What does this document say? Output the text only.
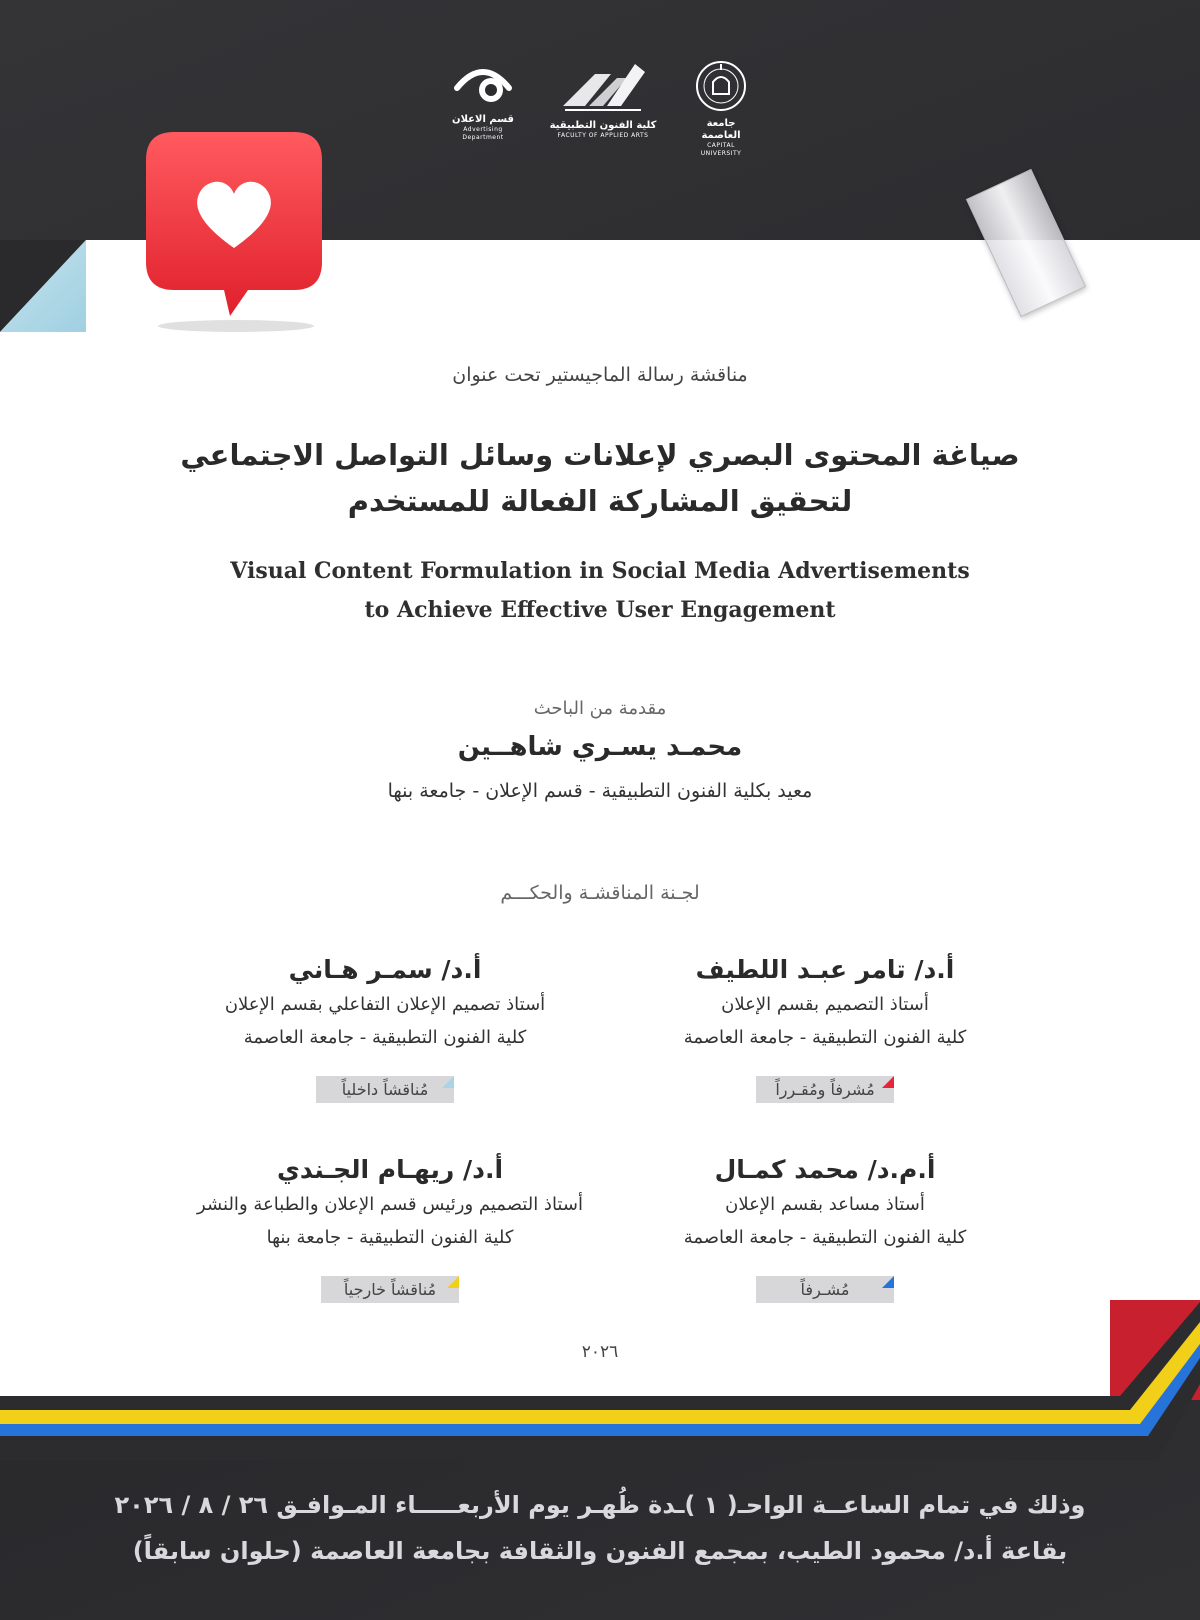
جامعة العاصمة
CAPITAL UNIVERSITY
كلية الفنون التطبيقية
FACULTY OF APPLIED ARTS
قسم الاعلان
Advertising Department
مناقشة رسالة الماجيستير تحت عنوان
صياغة المحتوى البصري لإعلانات وسائل التواصل الاجتماعي
لتحقيق المشاركة الفعالة للمستخدم
Visual Content Formulation in Social Media Advertisements
to Achieve Effective User Engagement
مقدمة من الباحث
محمـد يسـري شاهــين
معيد بكلية الفنون التطبيقية - قسم الإعلان - جامعة بنها
لجـنة المناقشـة والحكـــم
أ.د/ تامر عبـد اللطيف
أستاذ التصميم بقسم الإعلان
كلية الفنون التطبيقية - جامعة العاصمة
مُشرفاً ومُقـرراً
أ.د/ سمـر هـاني
أستاذ تصميم الإعلان التفاعلي بقسم الإعلان
كلية الفنون التطبيقية - جامعة العاصمة
مُناقشاً داخلياً
أ.م.د/ محمد كمـال
أستاذ مساعد بقسم الإعلان
كلية الفنون التطبيقية - جامعة العاصمة
مُشـرفاً
أ.د/ ريهـام الجـندي
أستاذ التصميم ورئيس قسم الإعلان والطباعة والنشر
كلية الفنون التطبيقية - جامعة بنها
مُناقشاً خارجياً
٢٠٢٦
وذلك في تمام الساعــة الواحـ( ١ )ـدة ظُهـر يوم الأربعـــــاء المـوافـق ٢٦ / ٨ / ٢٠٢٦
بقاعة أ.د/ محمود الطيب، بمجمع الفنون والثقافة بجامعة العاصمة (حلوان سابقاً)
